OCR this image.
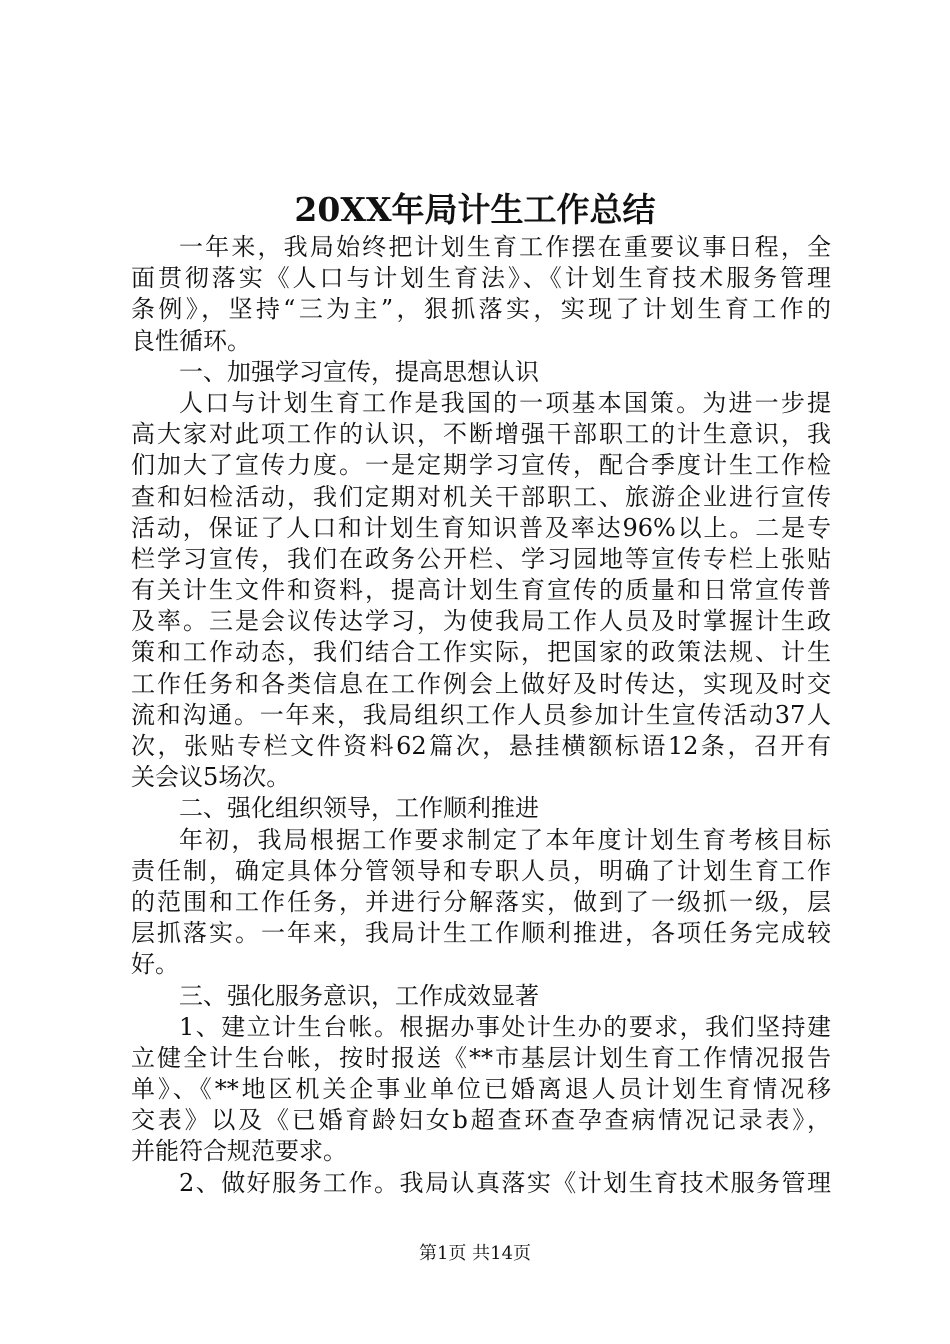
20XX年局计生工作总结
一年来，我局始终把计划生育工作摆在重要议事日程，全
面贯彻落实《人口与计划生育法》、《计划生育技术服务管理
条例》，坚持“三为主”，狠抓落实，实现了计划生育工作的
良性循环。
一、加强学习宣传，提高思想认识
人口与计划生育工作是我国的一项基本国策。为进一步提
高大家对此项工作的认识，不断增强干部职工的计生意识，我
们加大了宣传力度。一是定期学习宣传，配合季度计生工作检
查和妇检活动，我们定期对机关干部职工、旅游企业进行宣传
活动，保证了人口和计划生育知识普及率达96%以上。二是专
栏学习宣传，我们在政务公开栏、学习园地等宣传专栏上张贴
有关计生文件和资料，提高计划生育宣传的质量和日常宣传普
及率。三是会议传达学习，为使我局工作人员及时掌握计生政
策和工作动态，我们结合工作实际，把国家的政策法规、计生
工作任务和各类信息在工作例会上做好及时传达，实现及时交
流和沟通。一年来，我局组织工作人员参加计生宣传活动37人
次，张贴专栏文件资料62篇次，悬挂横额标语12条，召开有
关会议5场次。
二、强化组织领导，工作顺利推进
年初，我局根据工作要求制定了本年度计划生育考核目标
责任制，确定具体分管领导和专职人员，明确了计划生育工作
的范围和工作任务，并进行分解落实，做到了一级抓一级，层
层抓落实。一年来，我局计生工作顺利推进，各项任务完成较
好。
三、强化服务意识，工作成效显著
1、建立计生台帐。根据办事处计生办的要求，我们坚持建
立健全计生台帐，按时报送《**市基层计划生育工作情况报告
单》、《**地区机关企事业单位已婚离退人员计划生育情况移
交表》以及《已婚育龄妇女b超查环查孕查病情况记录表》，
并能符合规范要求。
2、做好服务工作。我局认真落实《计划生育技术服务管理
第1页 共14页
